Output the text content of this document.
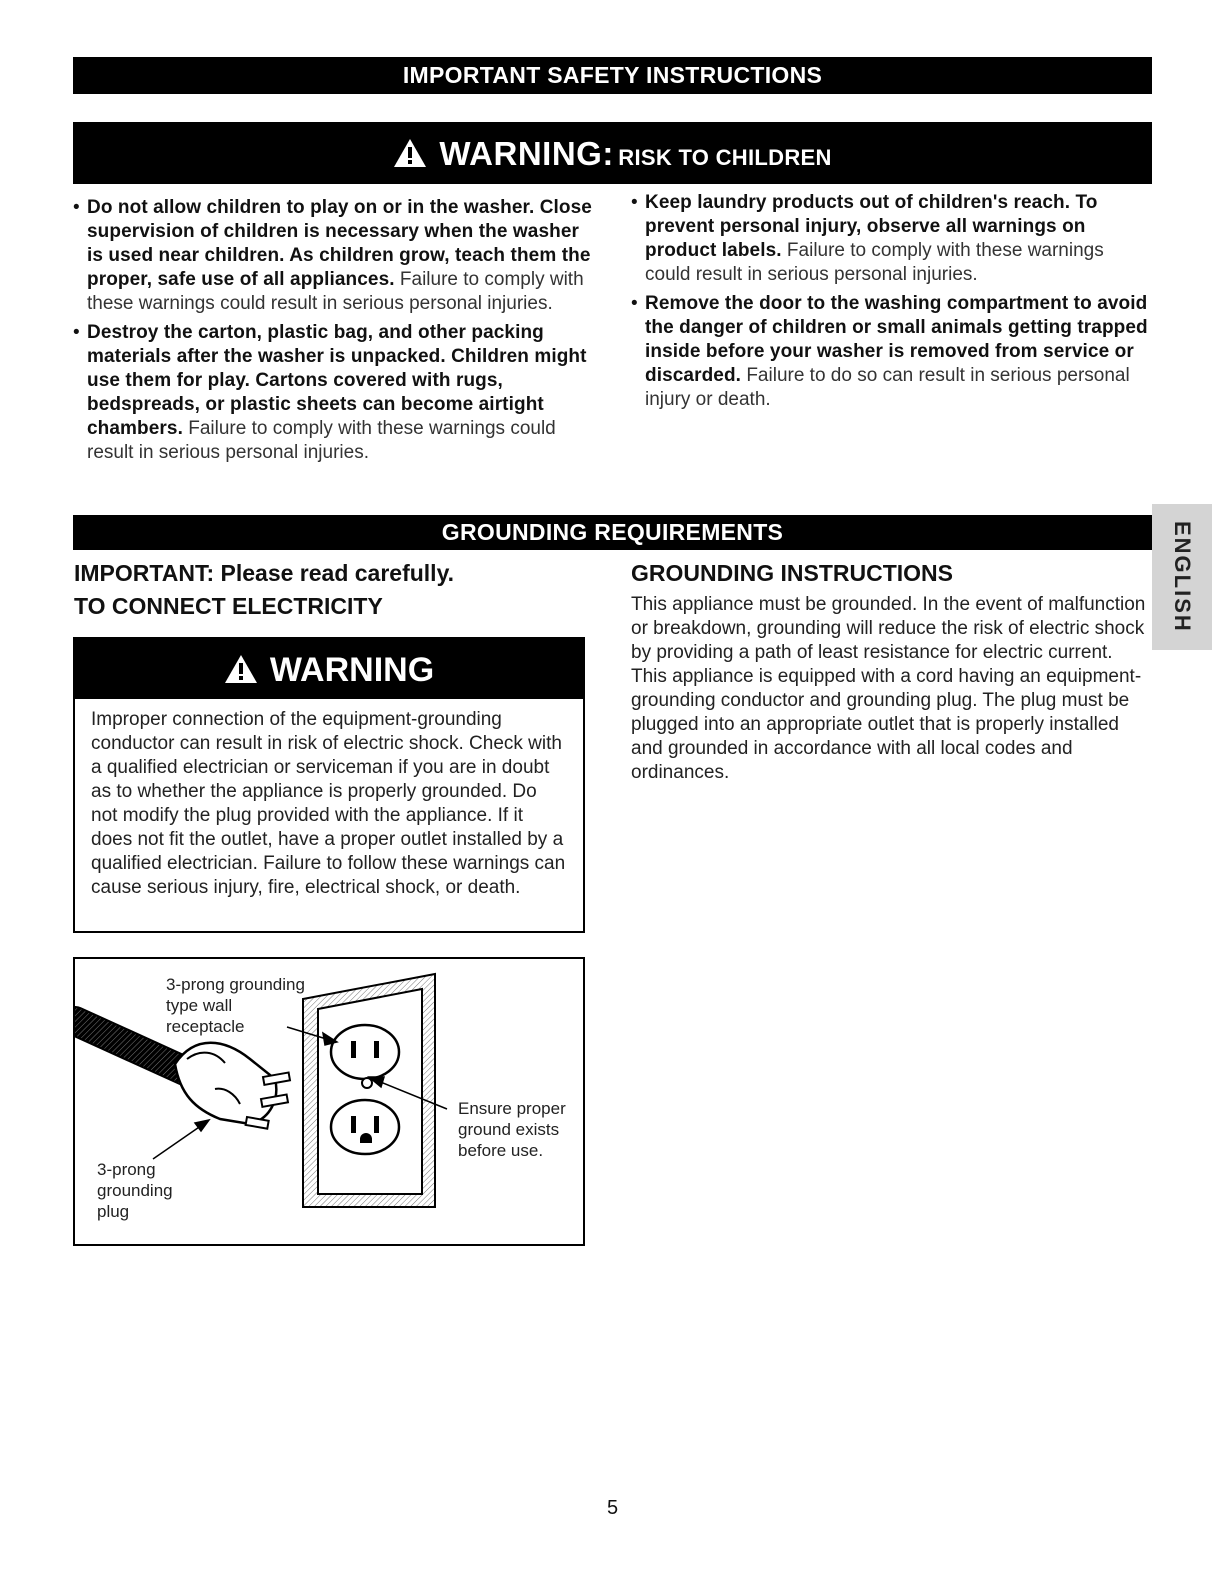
IMPORTANT SAFETY INSTRUCTIONS
WARNING: RISK TO CHILDREN
• Do not allow children to play on or in the washer. Close supervision of children is necessary when the washer is used near children. As children grow, teach them the proper, safe use of all appliances. Failure to comply with these warnings could result in serious personal injuries.
• Destroy the carton, plastic bag, and other packing materials after the washer is unpacked. Children might use them for play. Cartons covered with rugs, bedspreads, or plastic sheets can become airtight chambers. Failure to comply with these warnings could result in serious personal injuries.
• Keep laundry products out of children's reach. To prevent personal injury, observe all warnings on product labels. Failure to comply with these warnings could result in serious personal injuries.
• Remove the door to the washing compartment to avoid the danger of children or small animals getting trapped inside before your washer is removed from service or discarded. Failure to do so can result in serious personal injury or death.
GROUNDING REQUIREMENTS
IMPORTANT: Please read carefully.
TO CONNECT ELECTRICITY
WARNING
Improper connection of the equipment-grounding conductor can result in risk of electric shock. Check with a qualified electrician or serviceman if you are in doubt as to whether the appliance is properly grounded. Do not modify the plug provided with the appliance. If it does not fit the outlet, have a proper outlet installed by a qualified electrician. Failure to follow these warnings can cause serious injury, fire, electrical shock, or death.
GROUNDING INSTRUCTIONS
This appliance must be grounded. In the event of malfunction or breakdown, grounding will reduce the risk of electric shock by providing a path of least resistance for electric current. This appliance is equipped with a cord having an equipment-grounding conductor and grounding plug. The plug must be plugged into an appropriate outlet that is properly installed and grounded in accordance with all local codes and ordinances.
3-prong grounding type wall receptacle
3-prong grounding plug
Ensure proper ground exists before use.
ENGLISH
5
